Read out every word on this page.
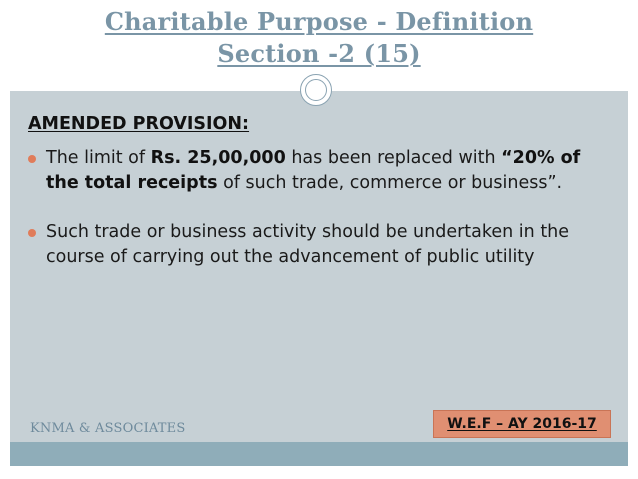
Charitable Purpose - Definition
Section -2 (15)
AMENDED PROVISION:
The limit of Rs. 25,00,000 has been replaced with “20% of the total receipts of such trade, commerce or business”.
Such trade or business activity should be undertaken in the course of carrying out the advancement of public utility
KNMA & ASSOCIATES	W.E.F – AY 2016-17
